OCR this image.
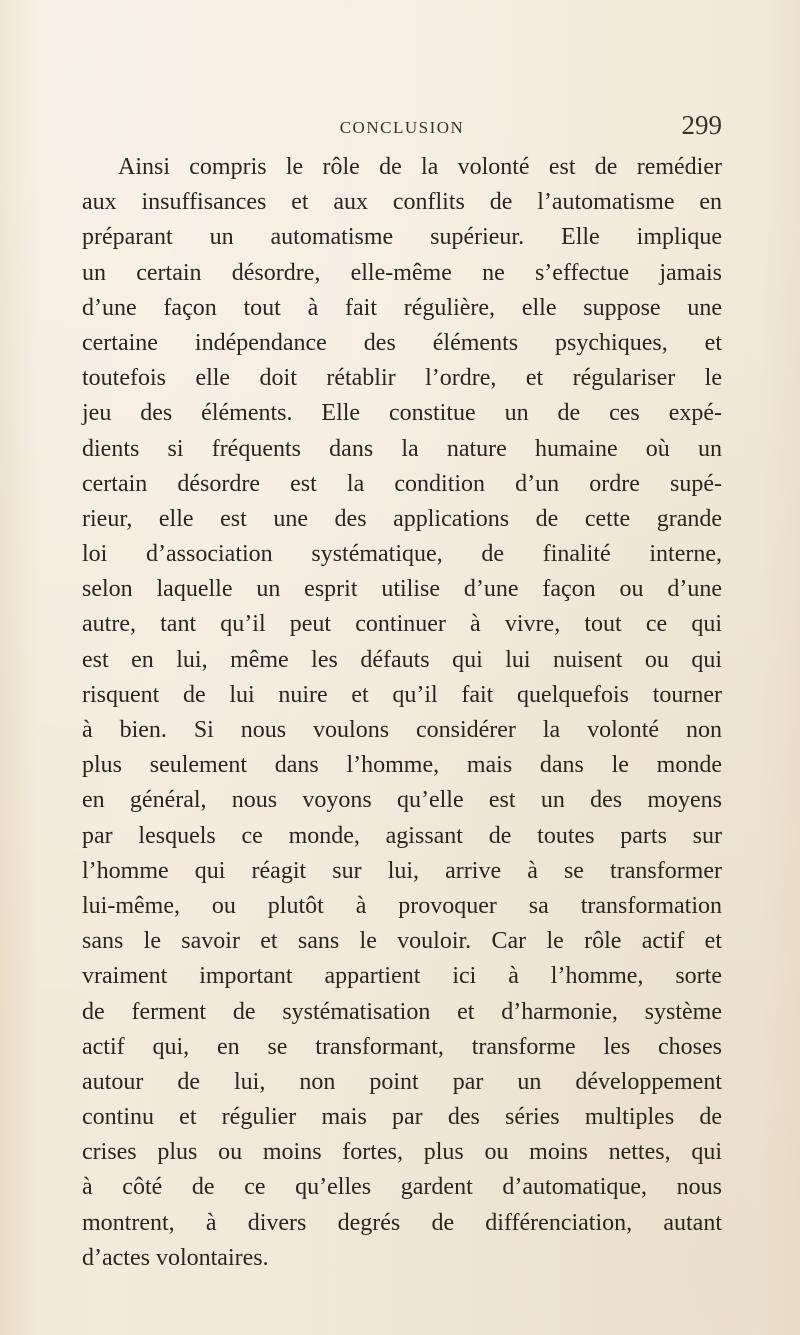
CONCLUSION	299
Ainsi compris le rôle de la volonté est de remédier
aux insuffisances et aux conflits de l’automatisme en
préparant un automatisme supérieur. Elle implique
un certain désordre, elle-même ne s’effectue jamais
d’une façon tout à fait régulière, elle suppose une
certaine indépendance des éléments psychiques, et
toutefois elle doit rétablir l’ordre, et régulariser le
jeu des éléments. Elle constitue un de ces expé-
dients si fréquents dans la nature humaine où un
certain désordre est la condition d’un ordre supé-
rieur, elle est une des applications de cette grande
loi d’association systématique, de finalité interne,
selon laquelle un esprit utilise d’une façon ou d’une
autre, tant qu’il peut continuer à vivre, tout ce qui
est en lui, même les défauts qui lui nuisent ou qui
risquent de lui nuire et qu’il fait quelquefois tourner
à bien. Si nous voulons considérer la volonté non
plus seulement dans l’homme, mais dans le monde
en général, nous voyons qu’elle est un des moyens
par lesquels ce monde, agissant de toutes parts sur
l’homme qui réagit sur lui, arrive à se transformer
lui-même, ou plutôt à provoquer sa transformation
sans le savoir et sans le vouloir. Car le rôle actif et
vraiment important appartient ici à l’homme, sorte
de ferment de systématisation et d’harmonie, système
actif qui, en se transformant, transforme les choses
autour de lui, non point par un développement
continu et régulier mais par des séries multiples de
crises plus ou moins fortes, plus ou moins nettes, qui
à côté de ce qu’elles gardent d’automatique, nous
montrent, à divers degrés de différenciation, autant
d’actes volontaires.
